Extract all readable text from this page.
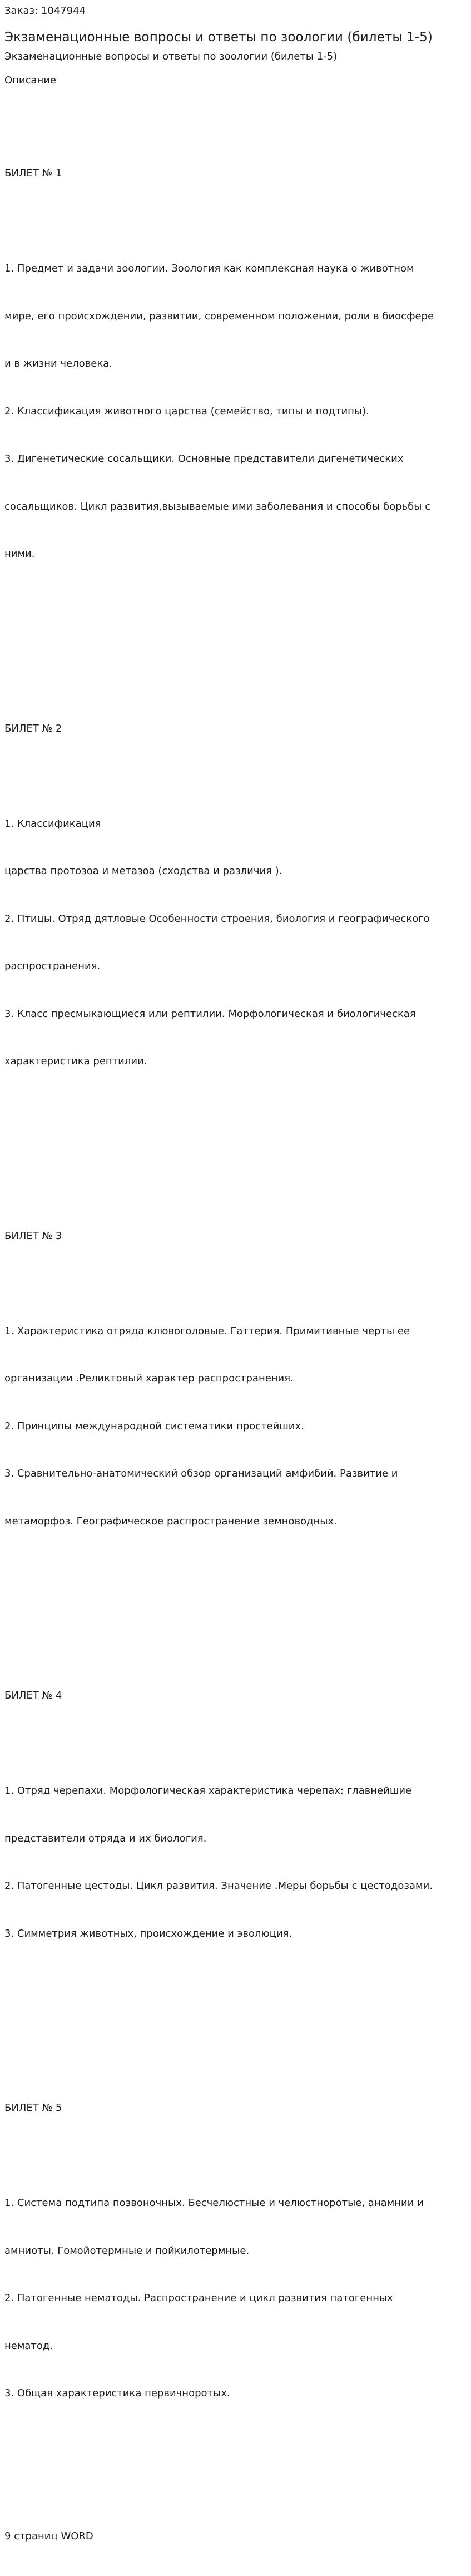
Заказ: 1047944

Экзаменационные вопросы и ответы по зоологии (билеты 1-5)

Экзаменационные вопросы и ответы по зоологии (билеты 1-5)

Описание

БИЛЕТ № 1

1. Предмет и задачи зоологии. Зоология как комплексная наука о животном

мире, его происхождении, развитии, современном положении, роли в биосфере

и в жизни человека.

2. Классификация животного царства (семейство, типы и подтипы).

3. Дигенетические сосальщики. Основные представители дигенетических

сосальщиков. Цикл развития,вызываемые ими заболевания и способы борьбы с

ними.

БИЛЕТ № 2

1. Классификация

царства протозоа и метазоа (сходства и различия ).

2. Птицы. Отряд дятловые Особенности строения, биология и географического

распространения.

3. Класс пресмыкающиеся или рептилии. Морфологическая и биологическая

характеристика рептилии.

БИЛЕТ № 3

1. Характеристика отряда клювоголовые. Гаттерия. Примитивные черты ее

организации .Реликтовый характер распространения.

2. Принципы международной систематики простейших.

3. Сравнительно-анатомический обзор организаций амфибий. Развитие и

метаморфоз. Географическое распространение земноводных.

БИЛЕТ № 4

1. Отряд черепахи. Морфологическая характеристика черепах: главнейшие

представители отряда и их биология.

2. Патогенные цестоды. Цикл развития. Значение .Меры борьбы с цестодозами.

3. Симметрия животных, происхождение и эволюция.

БИЛЕТ № 5

1. Система подтипа позвоночных. Бесчелюстные и челюстноротые, анамнии и

амниоты. Гомойотермные и пойкилотермные.

2. Патогенные нематоды. Распространение и цикл развития патогенных

нематод.

3. Общая характеристика первичноротых.

9 страниц WORD
